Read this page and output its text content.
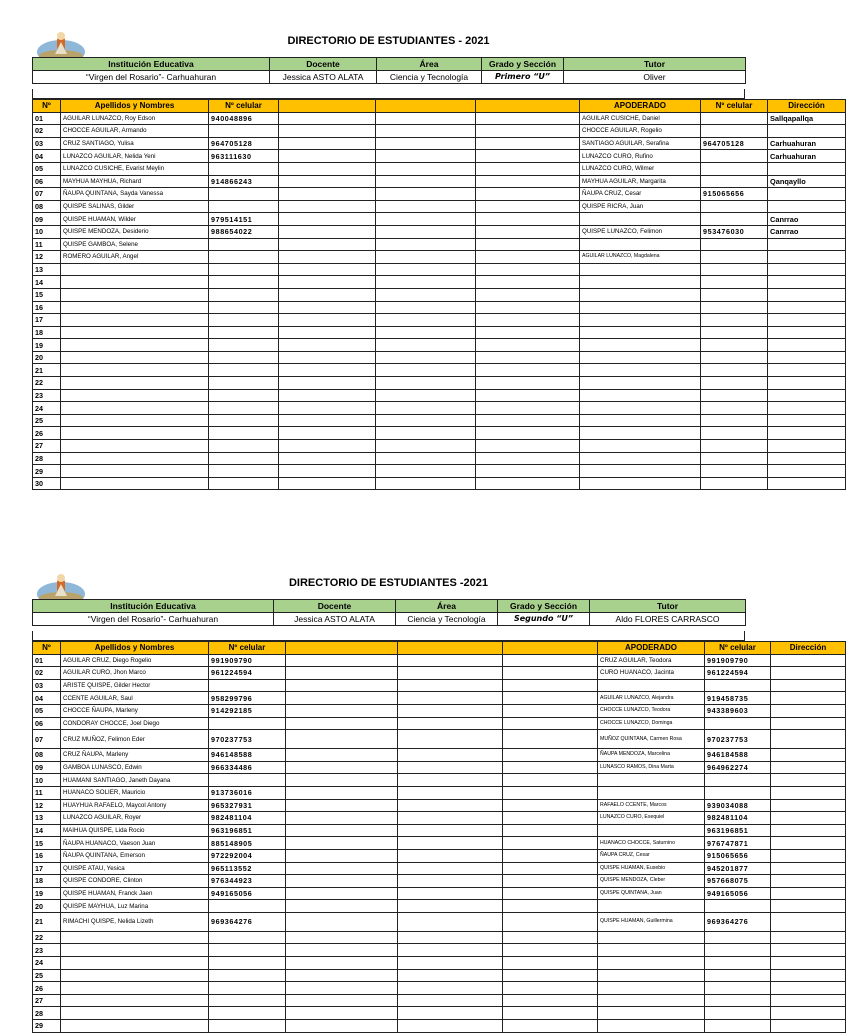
DIRECTORIO DE ESTUDIANTES - 2021
Institución Educativa	Docente	Área	Grado y Sección	Tutor
“Virgen del Rosario”- Carhuahuran	Jessica ASTO ALATA	Ciencia y Tecnología	Primero “U”	Oliver
Nº	Apellidos y Nombres	Nº celular				APODERADO	Nº celular	Dirección
01	AGUILAR LUNAZCO, Roy Edson	940048896				AGUILAR CUSICHE, Daniel		Sallqapallqa
02	CHOCCE AGUILAR, Armando					CHOCCE AGUILAR, Rogelio		
03	CRUZ SANTIAGO, Yulisa	964705128				SANTIAGO AGUILAR, Serafina	964705128	Carhuahuran
04	LUNAZCO AGUILAR, Nelida Yeni	963111630				LUNAZCO CURO, Rufino		Carhuahuran
05	LUNAZCO CUSICHE, Evarist Meylin					LUNAZCO CURO, Wilmer		
06	MAYHUA MAYHUA, Richard	914866243				MAYHUA AGUILAR, Margarita		Qanqayllo
07	ÑAUPA QUINTANA, Sayda Vanessa					ÑAUPA CRUZ, Cesar	915065656	
08	QUISPE SALINAS, Gilder					QUISPE RICRA, Juan		
09	QUISPE HUAMAN, Wilder	979514151						Canrrao
10	QUISPE MENDOZA, Desiderio	988654022				QUISPE LUNAZCO, Felimon	953476030	Canrrao
11	QUISPE GAMBOA, Selene							
12	ROMERO AGUILAR, Angel					AGUILAR LUNAZCO, Magdalena		
13								
14								
15								
16								
17								
18								
19								
20								
21								
22								
23								
24								
25								
26								
27								
28								
29								
30								
DIRECTORIO DE ESTUDIANTES -2021
Institución Educativa	Docente	Área	Grado y Sección	Tutor
“Virgen del Rosario”- Carhuahuran	Jessica ASTO ALATA	Ciencia y Tecnología	Segundo “U”	Aldo FLORES CARRASCO
Nº	Apellidos y Nombres	Nº celular				APODERADO	Nº celular	Dirección
01	AGUILAR CRUZ, Diego Rogelio	991909790				CRUZ AGUILAR, Teodora	991909790	
02	AGUILAR CURO, Jhon Marco	961224594				CURO HUANACO, Jacinta	961224594	
03	ARISTE QUISPE, Gilder Hector							
04	CCENTE AGUILAR, Saul	958299796				AGUILAR LUNAZCO, Alejandra	919458735	
05	CHOCCE ÑAUPA, Marleny	914292185				CHOCCE LUNAZCO, Teodora	943389603	
06	CONDORAY CHOCCE, Joel Diego					CHOCCE LUNAZCO, Dominga		
07	CRUZ MUÑOZ, Felimon Eder	970237753				MUÑOZ QUINTANA, Carmen Rosa	970237753	
08	CRUZ ÑAUPA, Marleny	946148588				ÑAUPA MENDOZA, Marcelina	946184588	
09	GAMBOA LUNASCO, Edwin	966334486				LUNASCO RAMOS, Dina Marta	964962274	
10	HUAMANI SANTIAGO, Janeth Dayana							
11	HUANACO SOLIER, Mauricio	913736016						
12	HUAYHUA RAFAELO, Maycol Antony	965327931				RAFAELO CCENTE, Marcos	939034088	
13	LUNAZCO AGUILAR, Royer	982481104				LUNAZCO CURO, Esequiel	982481104	
14	MAIHUA QUISPE, Lida Rocio	963196851					963196851	
15	ÑAUPA HUANACO, Vaeson Juan	885148905				HUANACO CHOCCE, Saturnino	976747871	
16	ÑAUPA QUINTANA, Emerson	972292004				ÑAUPA CRUZ, Cesar	915065656	
17	QUISPE ATAU, Yesica	965113552				QUISPE HUAMAN, Eusebio	945201877	
18	QUISPE CONDORE, Clinton	976344923				QUISPE MENDOZA, Cleber	957668075	
19	QUISPE HUAMAN, Franck Jaen	949165056				QUISPE QUINTANA, Juan	949165056	
20	QUISPE MAYHUA, Luz Marina							
21	RIMACHI QUISPE, Nelida Lizeth	969364276				QUISPE HUAMAN, Guillermina	969364276	
22								
23								
24								
25								
26								
27								
28								
29								
